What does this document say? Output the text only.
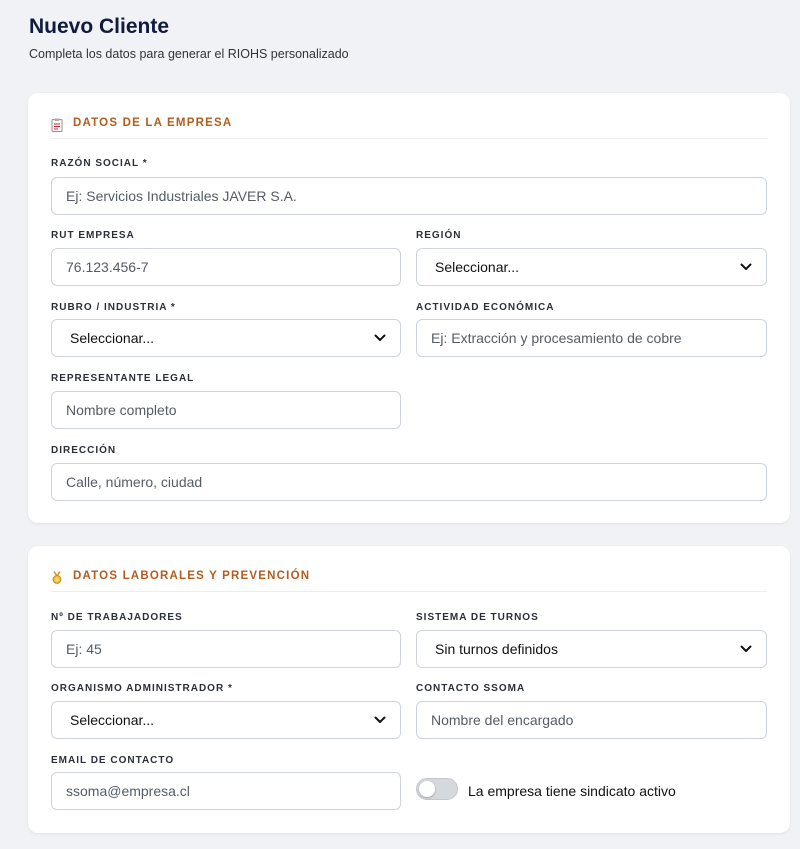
Nuevo Cliente
Completa los datos para generar el RIOHS personalizado
DATOS DE LA EMPRESA
RAZÓN SOCIAL *
Ej: Servicios Industriales JAVER S.A.
RUT EMPRESA
76.123.456-7
REGIÓN
Seleccionar...
RUBRO / INDUSTRIA *
Seleccionar...
ACTIVIDAD ECONÓMICA
Ej: Extracción y procesamiento de cobre
REPRESENTANTE LEGAL
Nombre completo
DIRECCIÓN
Calle, número, ciudad
DATOS LABORALES Y PREVENCIÓN
Nº DE TRABAJADORES
Ej: 45
SISTEMA DE TURNOS
Sin turnos definidos
ORGANISMO ADMINISTRADOR *
Seleccionar...
CONTACTO SSOMA
Nombre del encargado
EMAIL DE CONTACTO
ssoma@empresa.cl	La empresa tiene sindicato activo
